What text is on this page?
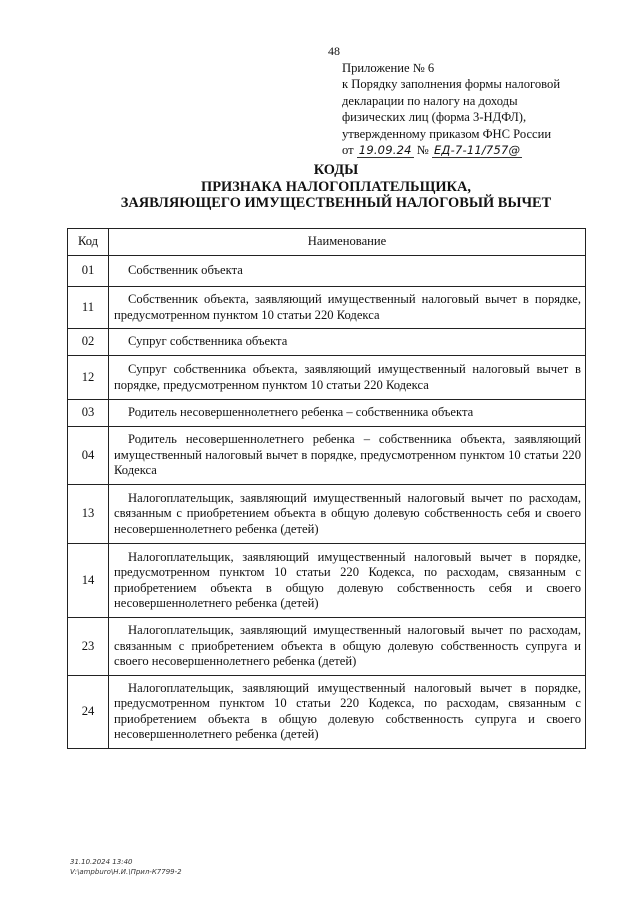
48
Приложение № 6
к Порядку заполнения формы налоговой
декларации по налогу на доходы
физических лиц (форма 3-НДФЛ),
утвержденному приказом ФНС России
от 19.09.24 № ЕД-7-11/757@
КОДЫ
ПРИЗНАКА НАЛОГОПЛАТЕЛЬЩИКА,
ЗАЯВЛЯЮЩЕГО ИМУЩЕСТВЕННЫЙ НАЛОГОВЫЙ ВЫЧЕТ
Код	Наименование
01	Собственник объекта

11	Собственник объекта, заявляющий имущественный налоговый вычет в порядке, предусмотренном пунктом 10 статьи 220 Кодекса

02	Супруг собственника объекта

12	Супруг собственника объекта, заявляющий имущественный налоговый вычет в порядке, предусмотренном пунктом 10 статьи 220 Кодекса

03	Родитель несовершеннолетнего ребенка – собственника объекта

04	Родитель несовершеннолетнего ребенка – собственника объекта, заявляющий имущественный налоговый вычет в порядке, предусмотренном пунктом 10 статьи 220 Кодекса

13	Налогоплательщик, заявляющий имущественный налоговый вычет по расходам, связанным с приобретением объекта в общую долевую собственность себя и своего несовершеннолетнего ребенка (детей)

14	Налогоплательщик, заявляющий имущественный налоговый вычет в порядке, предусмотренном пунктом 10 статьи 220 Кодекса, по расходам, связанным с приобретением объекта в общую долевую собственность себя и своего несовершеннолетнего ребенка (детей)

23	Налогоплательщик, заявляющий имущественный налоговый вычет по расходам, связанным с приобретением объекта в общую долевую собственность супруга и своего несовершеннолетнего ребенка (детей)

24	Налогоплательщик, заявляющий имущественный налоговый вычет в порядке, предусмотренном пунктом 10 статьи 220 Кодекса, по расходам, связанным с приобретением объекта в общую долевую собственность супруга и своего несовершеннолетнего ребенка (детей)
31.10.2024 13:40
V:\ampburo\Н.И.\Прил-К7799-2
